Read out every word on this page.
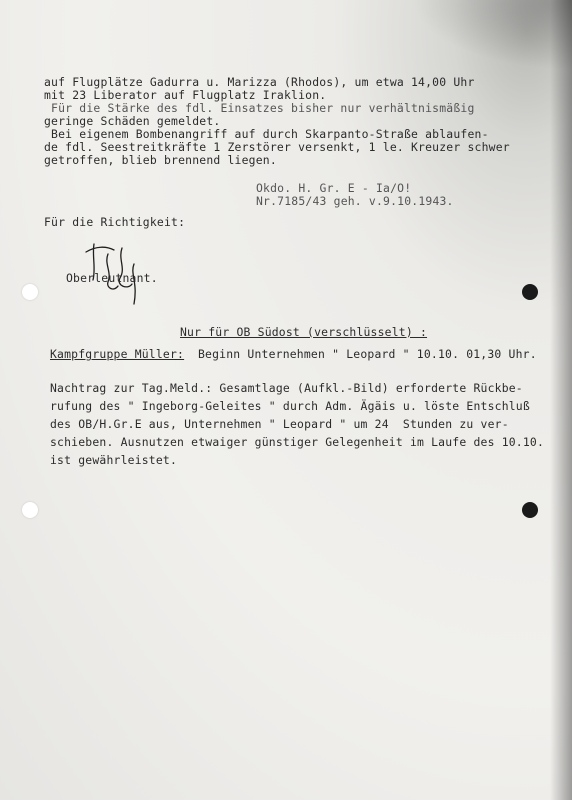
auf Flugplätze Gadurra u. Marizza (Rhodos), um etwa 14,00 Uhr
mit 23 Liberator auf Flugplatz Iraklion.
Für die Stärke des fdl. Einsatzes bisher nur verhältnismäßig
geringe Schäden gemeldet.
Bei eigenem Bombenangriff auf durch Skarpanto-Straße ablaufen-
de fdl. Seestreitkräfte 1 Zerstörer versenkt, 1 le. Kreuzer schwer
getroffen, blieb brennend liegen.
Okdo. H. Gr. E - Ia/O!
Nr.7185/43 geh. v.9.10.1943.
Für die Richtigkeit:
Oberleutnant.
Nur für OB Südost (verschlüsselt) :
Kampfgruppe Müller: Beginn Unternehmen " Leopard " 10.10. 01,30 Uhr.
Nachtrag zur Tag.Meld.: Gesamtlage (Aufkl.-Bild) erforderte Rückbe-
rufung des " Ingeborg-Geleites " durch Adm. Ägäis u. löste Entschluß
des OB/H.Gr.E aus, Unternehmen " Leopard " um 24  Stunden zu ver-
schieben. Ausnutzen etwaiger günstiger Gelegenheit im Laufe des 10.10.
ist gewährleistet.
